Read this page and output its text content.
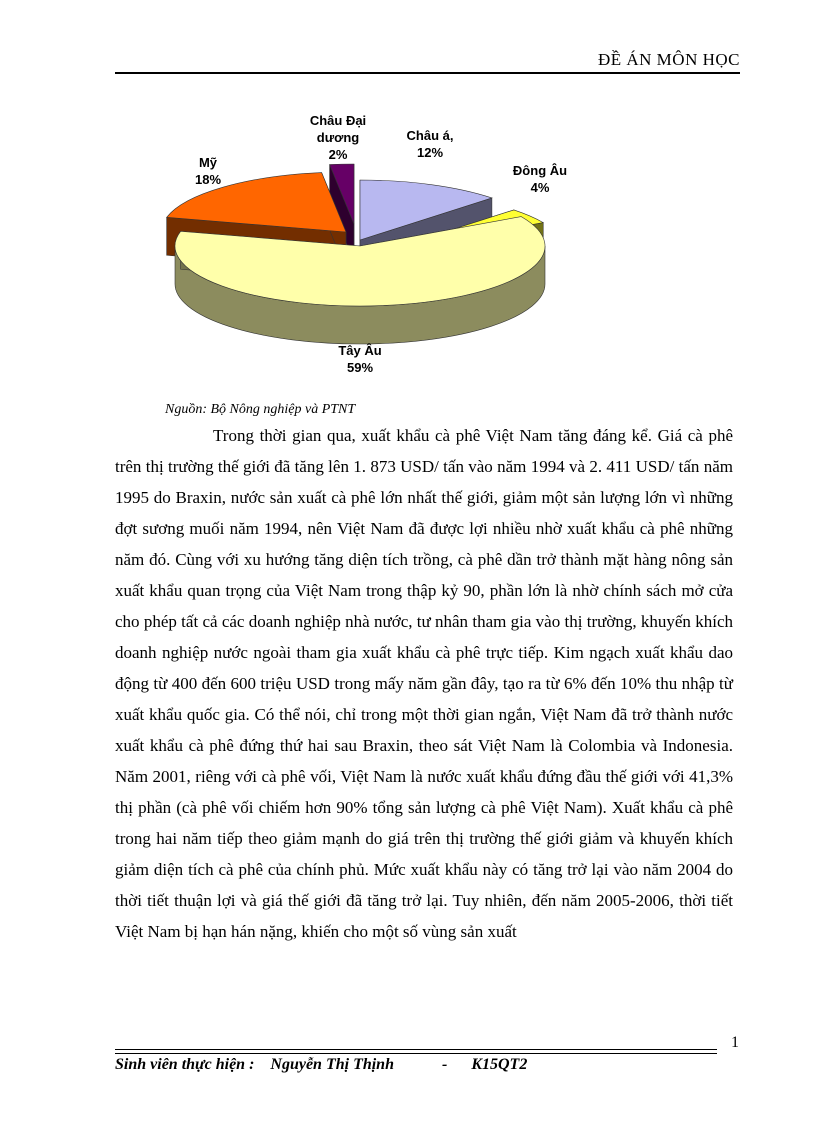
ĐỀ ÁN MÔN HỌC
Châu á, 12%
Đông Âu 4%
Tây Âu 59%
Mỹ 18%
Châu Đại dương 2%
Nguồn: Bộ Nông nghiệp và PTNT

Trong thời gian qua, xuất khẩu cà phê Việt Nam tăng đáng kể. Giá cà phê trên thị trường thế giới đã tăng lên 1. 873 USD/ tấn vào năm 1994 và 2. 411 USD/ tấn năm 1995 do Braxin, nước sản xuất cà phê lớn nhất thế giới, giảm một sản lượng lớn vì những đợt sương muối năm 1994, nên Việt Nam đã được lợi nhiều nhờ xuất khẩu cà phê những năm đó. Cùng với xu hướng tăng diện tích trồng, cà phê dần trở thành mặt hàng nông sản xuất khẩu quan trọng của Việt Nam trong thập kỷ 90, phần lớn là nhờ chính sách mở cửa cho phép tất cả các doanh nghiệp nhà nước, tư nhân tham gia vào thị trường, khuyến khích doanh nghiệp nước ngoài tham gia xuất khẩu cà phê trực tiếp. Kim ngạch xuất khẩu dao động từ 400 đến 600 triệu USD trong mấy năm gần đây, tạo ra từ 6% đến 10% thu nhập từ xuất khẩu quốc gia. Có thể nói, chỉ trong một thời gian ngắn, Việt Nam đã trở thành nước xuất khẩu cà phê đứng thứ hai sau Braxin, theo sát Việt Nam là Colombia và Indonesia. Năm 2001, riêng với cà phê vối, Việt Nam là nước xuất khẩu đứng đầu thế giới với 41,3% thị phần (cà phê vối chiếm hơn 90% tổng sản lượng cà phê Việt Nam). Xuất khẩu cà phê trong hai năm tiếp theo giảm mạnh do giá trên thị trường thế giới giảm và khuyến khích giảm diện tích cà phê của chính phủ. Mức xuất khẩu này có tăng trở lại vào năm 2004 do thời tiết thuận lợi và giá thế giới đã tăng trở lại. Tuy nhiên, đến năm 2005-2006, thời tiết Việt Nam bị hạn hán nặng, khiến cho một số vùng sản xuất

1
Sinh viên thực hiện : Nguyễn Thị Thịnh	- K15QT2
